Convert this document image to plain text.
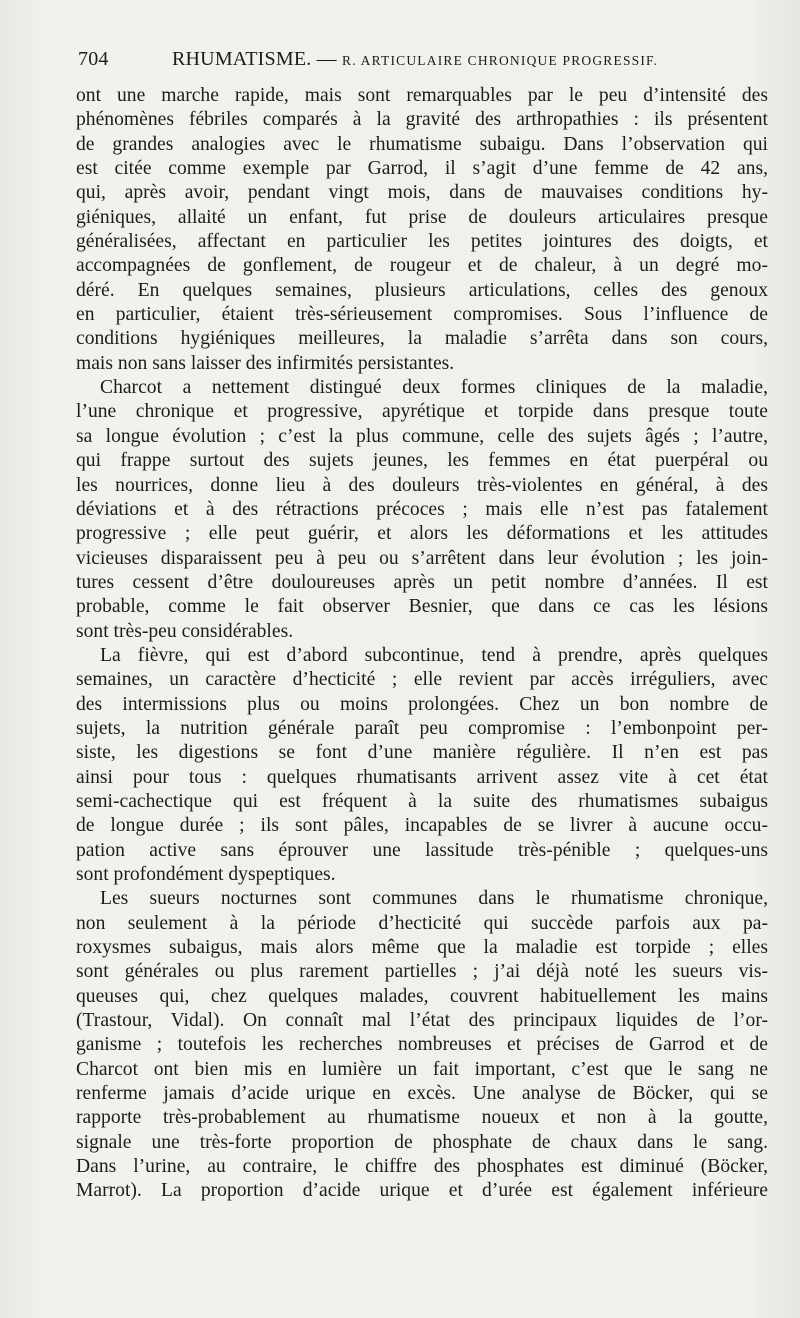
704	RHUMATISME. — R. ARTICULAIRE CHRONIQUE PROGRESSIF.
ont une marche rapide, mais sont remarquables par le peu d’intensité des
phénomènes fébriles comparés à la gravité des arthropathies : ils présentent
de grandes analogies avec le rhumatisme subaigu. Dans l’observation qui
est citée comme exemple par Garrod, il s’agit d’une femme de 42 ans,
qui, après avoir, pendant vingt mois, dans de mauvaises conditions hy-
giéniques, allaité un enfant, fut prise de douleurs articulaires presque
généralisées, affectant en particulier les petites jointures des doigts, et
accompagnées de gonflement, de rougeur et de chaleur, à un degré mo-
déré. En quelques semaines, plusieurs articulations, celles des genoux
en particulier, étaient très-sérieusement compromises. Sous l’influence de
conditions hygiéniques meilleures, la maladie s’arrêta dans son cours,
mais non sans laisser des infirmités persistantes.
Charcot a nettement distingué deux formes cliniques de la maladie,
l’une chronique et progressive, apyrétique et torpide dans presque toute
sa longue évolution ; c’est la plus commune, celle des sujets âgés ; l’autre,
qui frappe surtout des sujets jeunes, les femmes en état puerpéral ou
les nourrices, donne lieu à des douleurs très-violentes en général, à des
déviations et à des rétractions précoces ; mais elle n’est pas fatalement
progressive ; elle peut guérir, et alors les déformations et les attitudes
vicieuses disparaissent peu à peu ou s’arrêtent dans leur évolution ; les join-
tures cessent d’être douloureuses après un petit nombre d’années. Il est
probable, comme le fait observer Besnier, que dans ce cas les lésions
sont très-peu considérables.
La fièvre, qui est d’abord subcontinue, tend à prendre, après quelques
semaines, un caractère d’hecticité ; elle revient par accès irréguliers, avec
des intermissions plus ou moins prolongées. Chez un bon nombre de
sujets, la nutrition générale paraît peu compromise : l’embonpoint per-
siste, les digestions se font d’une manière régulière. Il n’en est pas
ainsi pour tous : quelques rhumatisants arrivent assez vite à cet état
semi-cachectique qui est fréquent à la suite des rhumatismes subaigus
de longue durée ; ils sont pâles, incapables de se livrer à aucune occu-
pation active sans éprouver une lassitude très-pénible ; quelques-uns
sont profondément dyspeptiques.
Les sueurs nocturnes sont communes dans le rhumatisme chronique,
non seulement à la période d’hecticité qui succède parfois aux pa-
roxysmes subaigus, mais alors même que la maladie est torpide ; elles
sont générales ou plus rarement partielles ; j’ai déjà noté les sueurs vis-
queuses qui, chez quelques malades, couvrent habituellement les mains
(Trastour, Vidal). On connaît mal l’état des principaux liquides de l’or-
ganisme ; toutefois les recherches nombreuses et précises de Garrod et de
Charcot ont bien mis en lumière un fait important, c’est que le sang ne
renferme jamais d’acide urique en excès. Une analyse de Böcker, qui se
rapporte très-probablement au rhumatisme noueux et non à la goutte,
signale une très-forte proportion de phosphate de chaux dans le sang.
Dans l’urine, au contraire, le chiffre des phosphates est diminué (Böcker,
Marrot). La proportion d’acide urique et d’urée est également inférieure
